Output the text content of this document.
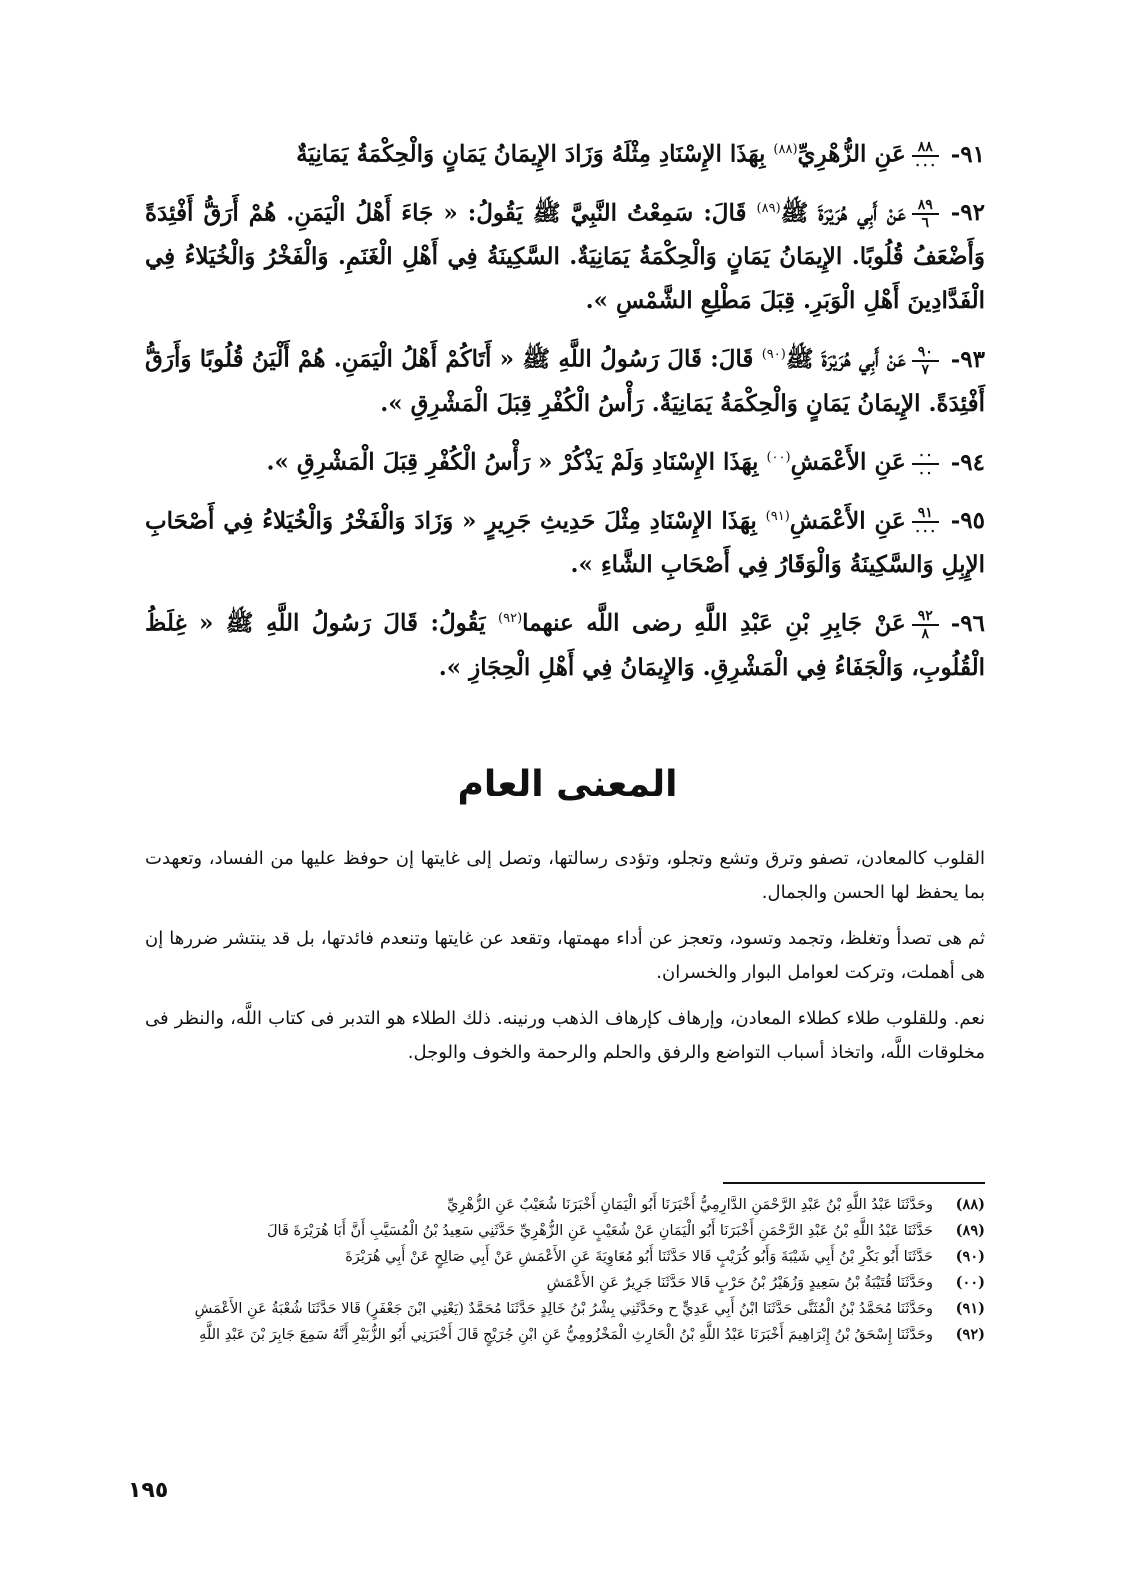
٩١-
$\frac{٨٨}{٠٠٠}$
عَنِ الزُّهْرِيِّ$^{(٨٨)}$ بِهَذَا الإِسْنَادِ مِثْلَهُ وَزَادَ الإِيمَانُ يَمَانٍ وَالْحِكْمَةُ يَمَانِيَةٌ

٩٢-
$\frac{٨٩}{٦}$
عَنْ أَبِي هُرَيْرَةَ ﷺ$^{(٨٩)}$ قَالَ: سَمِعْتُ النَّبِيَّ ﷺ يَقُولُ: « جَاءَ أَهْلُ الْيَمَنِ. هُمْ أَرَقُّ أَفْئِدَةً وَأَضْعَفُ قُلُوبًا. الإِيمَانُ يَمَانٍ وَالْحِكْمَةُ يَمَانِيَةٌ. السَّكِينَةُ فِي أَهْلِ الْغَنَمِ. وَالْفَخْرُ وَالْخُيَلاءُ فِي الْفَدَّادِينَ أَهْلِ الْوَبَرِ. قِبَلَ مَطْلِعِ الشَّمْسِ ».

٩٣-
$\frac{٩٠}{٧}$
عَنْ أَبِي هُرَيْرَةَ ﷺ$^{(٩٠)}$ قَالَ: قَالَ رَسُولُ اللَّهِ ﷺ « أَتَاكُمْ أَهْلُ الْيَمَنِ. هُمْ أَلْيَنُ قُلُوبًا وَأَرَقُّ أَفْئِدَةً. الإِيمَانُ يَمَانٍ وَالْحِكْمَةُ يَمَانِيَةٌ. رَأْسُ الْكُفْرِ قِبَلَ الْمَشْرِقِ ».

٩٤-
$\frac{٠٠}{٠٠}$
عَنِ الأَعْمَشِ$^{(٠٠)}$ بِهَذَا الإِسْنَادِ وَلَمْ يَذْكُرْ « رَأْسُ الْكُفْرِ قِبَلَ الْمَشْرِقِ ».

٩٥-
$\frac{٩١}{٠٠٠}$
عَنِ الأَعْمَشِ$^{(٩١)}$ بِهَذَا الإِسْنَادِ مِثْلَ حَدِيثِ جَرِيرٍ « وَزَادَ وَالْفَخْرُ وَالْخُيَلاءُ فِي أَصْحَابِ الإِبِلِ وَالسَّكِينَةُ وَالْوَقَارُ فِي أَصْحَابِ الشَّاءِ ».

٩٦-
$\frac{٩٢}{٨}$
عَنْ جَابِرِ بْنِ عَبْدِ اللَّهِ رضى اللَّه عنهما$^{(٩٢)}$ يَقُولُ: قَالَ رَسُولُ اللَّهِ ﷺ « غِلَظُ الْقُلُوبِ، وَالْجَفَاءُ فِي الْمَشْرِقِ. وَالإِيمَانُ فِي أَهْلِ الْحِجَازِ ».

المعنى العام

القلوب كالمعادن، تصفو وترق وتشع وتجلو، وتؤدى رسالتها، وتصل إلى غايتها إن حوفظ عليها من الفساد، وتعهدت بما يحفظ لها الحسن والجمال.

ثم هى تصدأ وتغلظ، وتجمد وتسود، وتعجز عن أداء مهمتها، وتقعد عن غايتها وتنعدم فائدتها، بل قد ينتشر ضررها إن هى أهملت، وتركت لعوامل البوار والخسران.

نعم. وللقلوب طلاء كطلاء المعادن، وإرهاف كإرهاف الذهب ورنينه. ذلك الطلاء هو التدبر فى كتاب اللَّه، والنظر فى مخلوقات اللَّه، واتخاذ أسباب التواضع والرفق والحلم والرحمة والخوف والوجل.

(٨٨)
وحَدَّثَنَا عَبْدُ اللَّهِ بْنُ عَبْدِ الرَّحْمَنِ الدَّارِمِيُّ أَخْبَرَنَا أَبُو الْيَمَانِ أَخْبَرَنَا شُعَيْبٌ عَنِ الزُّهْرِيِّ
(٨٩)
حَدَّثَنَا عَبْدُ اللَّهِ بْنُ عَبْدِ الرَّحْمَنِ أَخْبَرَنَا أَبُو الْيَمَانِ عَنْ شُعَيْبٍ عَنِ الزُّهْرِيِّ حَدَّثَنِي سَعِيدُ بْنُ الْمُسَيَّبِ أَنَّ أَبَا هُرَيْرَةَ قَالَ
(٩٠)
حَدَّثَنَا أَبُو بَكْرِ بْنُ أَبِي شَيْبَةَ وَأَبُو كُرَيْبٍ قَالا حَدَّثَنَا أَبُو مُعَاوِيَةَ عَنِ الأَعْمَشِ عَنْ أَبِي صَالِحٍ عَنْ أَبِي هُرَيْرَةَ
(٠٠)
وحَدَّثَنَا قُتَيْبَةُ بْنُ سَعِيدٍ وَزُهَيْرُ بْنُ حَرْبٍ قَالا حَدَّثَنَا جَرِيرٌ عَنِ الأَعْمَشِ
(٩١)
وحَدَّثَنَا مُحَمَّدُ بْنُ الْمُثَنَّى حَدَّثَنَا ابْنُ أَبِي عَدِيٍّ ح وحَدَّثَنِي بِشْرُ بْنُ خَالِدٍ حَدَّثَنَا مُحَمَّدٌ (يَعْنِي ابْنَ جَعْفَرٍ) قَالا حَدَّثَنَا شُعْبَةُ عَنِ الأَعْمَشِ
(٩٢)
وحَدَّثَنَا إِسْحَقُ بْنُ إِبْرَاهِيمَ أَخْبَرَنَا عَبْدُ اللَّهِ بْنُ الْحَارِثِ الْمَخْزُومِيُّ عَنِ ابْنِ جُرَيْجٍ قَالَ أَخْبَرَنِي أَبُو الزُّبَيْرِ أَنَّهُ سَمِعَ جَابِرَ بْنَ عَبْدِ اللَّهِ
١٩٥
